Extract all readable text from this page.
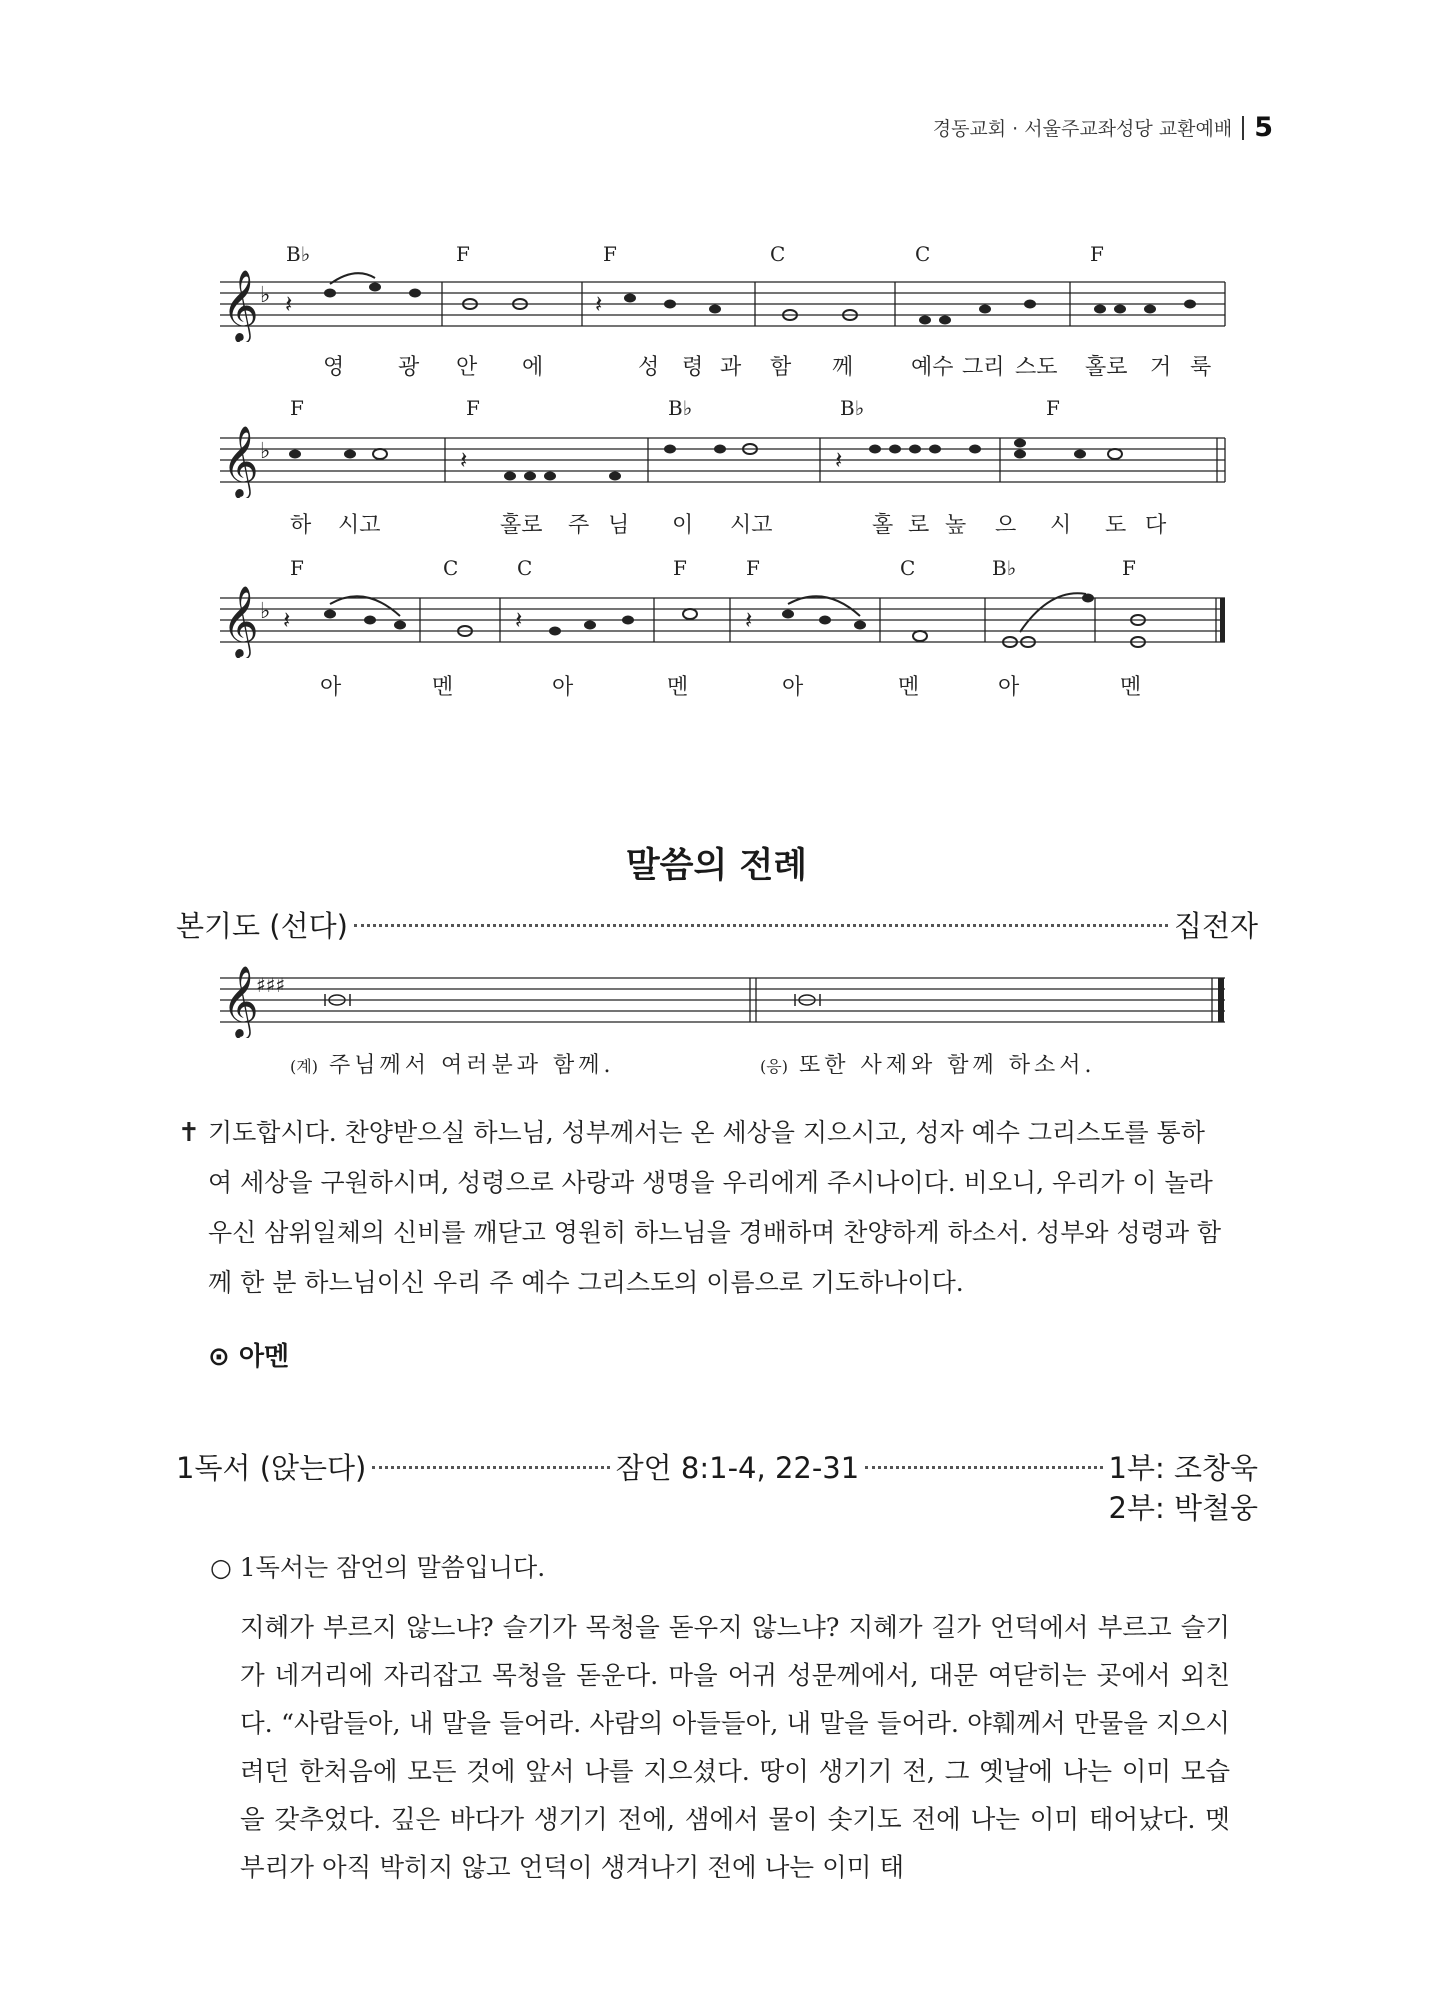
경동교회 · 서울주교좌성당 교환예배 5
B♭	F	F	C	C	F
𝄞 ♭ 𝄽	𝄽
영 광 안 에	성 령 과 함 께	예수 그리 스도 홀로 거 룩
F	F	B♭	B♭	F
𝄞 ♭	𝄽	𝄽
하 시고	홀로 주 님 이 시고	홀 로 높 으 시 도 다
F	C	C	F	F	C	B♭	F
𝄞 ♭ 𝄽	𝄽	𝄽
아	멘	아	멘	아	멘	아	멘
말씀의 전례
본기도 (선다)	집전자
𝄞
♯♯♯
(계) 주님께서 여러분과 함께.	(응) 또한 사제와 함께 하소서.
✝ 기도합시다. 찬양받으실 하느님, 성부께서는 온 세상을 지으시고, 성자 예수 그리스도를 통하여 세상을 구원하시며, 성령으로 사랑과 생명을 우리에게 주시나이다. 비오니, 우리가 이 놀라우신 삼위일체의 신비를 깨닫고 영원히 하느님을 경배하며 찬양하게 하소서. 성부와 성령과 함께 한 분 하느님이신 우리 주 예수 그리스도의 이름으로 기도하나이다.
⊙ 아멘
1독서 (앉는다)	잠언 8:1-4, 22-31	1부: 조창욱
2부: 박철웅
○ 1독서는 잠언의 말씀입니다.
지혜가 부르지 않느냐? 슬기가 목청을 돋우지 않느냐? 지혜가 길가 언덕에서 부르고 슬기가 네거리에 자리잡고 목청을 돋운다. 마을 어귀 성문께에서, 대문 여닫히는 곳에서 외친다. “사람들아, 내 말을 들어라. 사람의 아들들아, 내 말을 들어라. 야훼께서 만물을 지으시려던 한처음에 모든 것에 앞서 나를 지으셨다. 땅이 생기기 전, 그 옛날에 나는 이미 모습을 갖추었다. 깊은 바다가 생기기 전에, 샘에서 물이 솟기도 전에 나는 이미 태어났다. 멧부리가 아직 박히지 않고 언덕이 생겨나기 전에 나는 이미 태
